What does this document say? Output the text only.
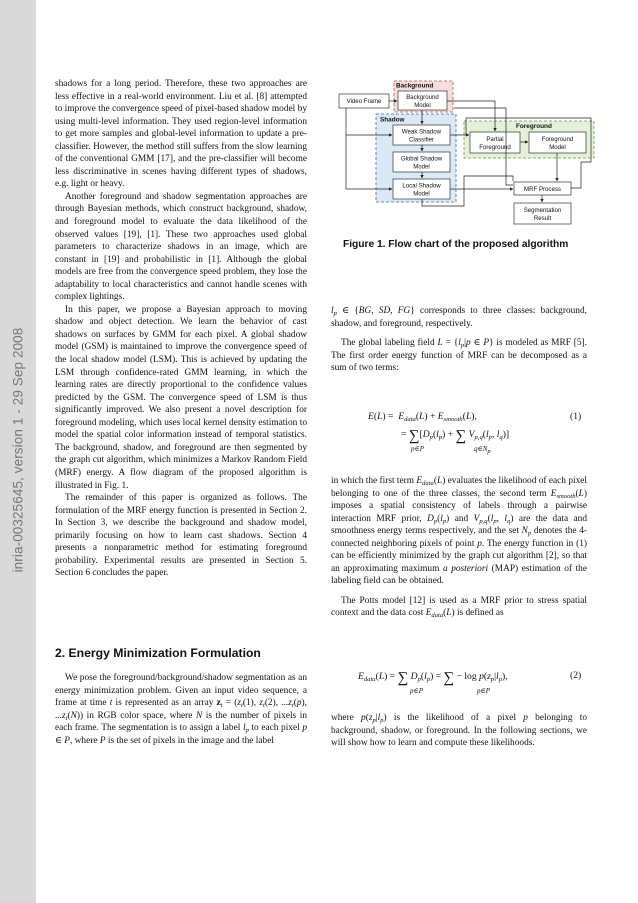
inria-00325645, version 1 - 29 Sep 2008

shadows for a long period. Therefore, these two approaches are less effective in a real-world environment. Liu et al. [8] attempted to improve the convergence speed of pixel-based shadow model by using multi-level information. They used region-level information to get more samples and global-level information to update a pre-classifier. However, the method still suffers from the slow learning of the conventional GMM [17], and the pre-classifier will become less discriminative in scenes having different types of shadows, e.g. light or heavy.

Another foreground and shadow segmentation approaches are through Bayesian methods, which construct background, shadow, and foreground model to evaluate the data likelihood of the observed values [19], [1]. These two approaches used global parameters to characterize shadows in an image, which are constant in [19] and probabilistic in [1]. Although the global models are free from the convergence speed problem, they lose the adaptability to local characteristics and cannot handle scenes with complex lightings.

In this paper, we propose a Bayesian approach to moving shadow and object detection. We learn the behavior of cast shadows on surfaces by GMM for each pixel. A global shadow model (GSM) is maintained to improve the convergence speed of the local shadow model (LSM). This is achieved by updating the LSM through confidence-rated GMM learning, in which the learning rates are directly proportional to the confidence values predicted by the GSM. The convergence speed of LSM is thus significantly improved. We also present a novel description for foreground modeling, which uses local kernel density estimation to model the spatial color information instead of temporal statistics. The background, shadow, and foreground are then segmented by the graph cut algorithm, which minimizes a Markov Random Field (MRF) energy. A flow diagram of the proposed algorithm is illustrated in Fig. 1.

The remainder of this paper is organized as follows. The formulation of the MRF energy function is presented in Section 2. In Section 3, we describe the background and shadow model, primarily focusing on how to learn cast shadows. Section 4 presents a nonparametric method for estimating foreground probability. Experimental results are presented in Section 5. Section 6 concludes the paper.

2. Energy Minimization Formulation

We pose the foreground/background/shadow segmentation as an energy minimization problem. Given an input video sequence, a frame at time t is represented as an array $z_t = (z_t(1)$, $z_t(2)$, $...z_t(p)$, $...z_t(N)$) in RGB color space, where N is the number of pixels in each frame. The segmentation is to assign a label $l_p$ to each pixel p ∈ P, where P is the set of pixels in the image and the label

Background
Shadow
Foreground
Video Frame
Background
Model
Weak Shadow
Classifier
Global Shadow
Model
Local Shadow
Model
Partial
Foreground
Foreground
Model
MRF Process
Segmentation
Result
Figure 1. Flow chart of the proposed algorithm

$l_p$ ∈ {BG, SD, FG} corresponds to three classes: background, shadow, and foreground, respectively.

The global labeling field $L = \{l_p|p$ ∈ P} is modeled as MRF [5]. The first order energy function of MRF can be decomposed as a sum of two terms:

$E(L) = E_{data}(L) + E_{smooth}(L)$,	(1)
= $\sum[D_p(l_p)$ + ∑ $V_{p,q}(l_p$, $l_q$)]
p∈P	$q\in N_p$

in which the first term $E_{data}(L)$ evaluates the likelihood of each pixel belonging to one of the three classes, the second term $E_{smooth}(L)$ imposes a spatial consistency of labels through a pairwise interaction MRF prior, $D_p(l_p)$ and $V_{p,q}(l_p$, $l_q$) are the data and smoothness energy terms respectively, and the set $N_p$ denotes the 4-connected neighboring pixels of point p. The energy function in (1) can be efficiently minimized by the graph cut algorithm [2], so that an approximating maximum a posteriori (MAP) estimation of the labeling field can be obtained.

The Potts model [12] is used as a MRF prior to stress spatial context and the data cost $E_{data}(L)$ is defined as

$E_{data}(L)$ = ∑ $D_p(l_p)$ = ∑ − $\log p(z_p|l_p)$,	(2)
p∈P	p∈P

where $p(z_p|l_p)$ is the likelihood of a pixel p belonging to background, shadow, or foreground. In the following sections, we will show how to learn and compute these likelihoods.
